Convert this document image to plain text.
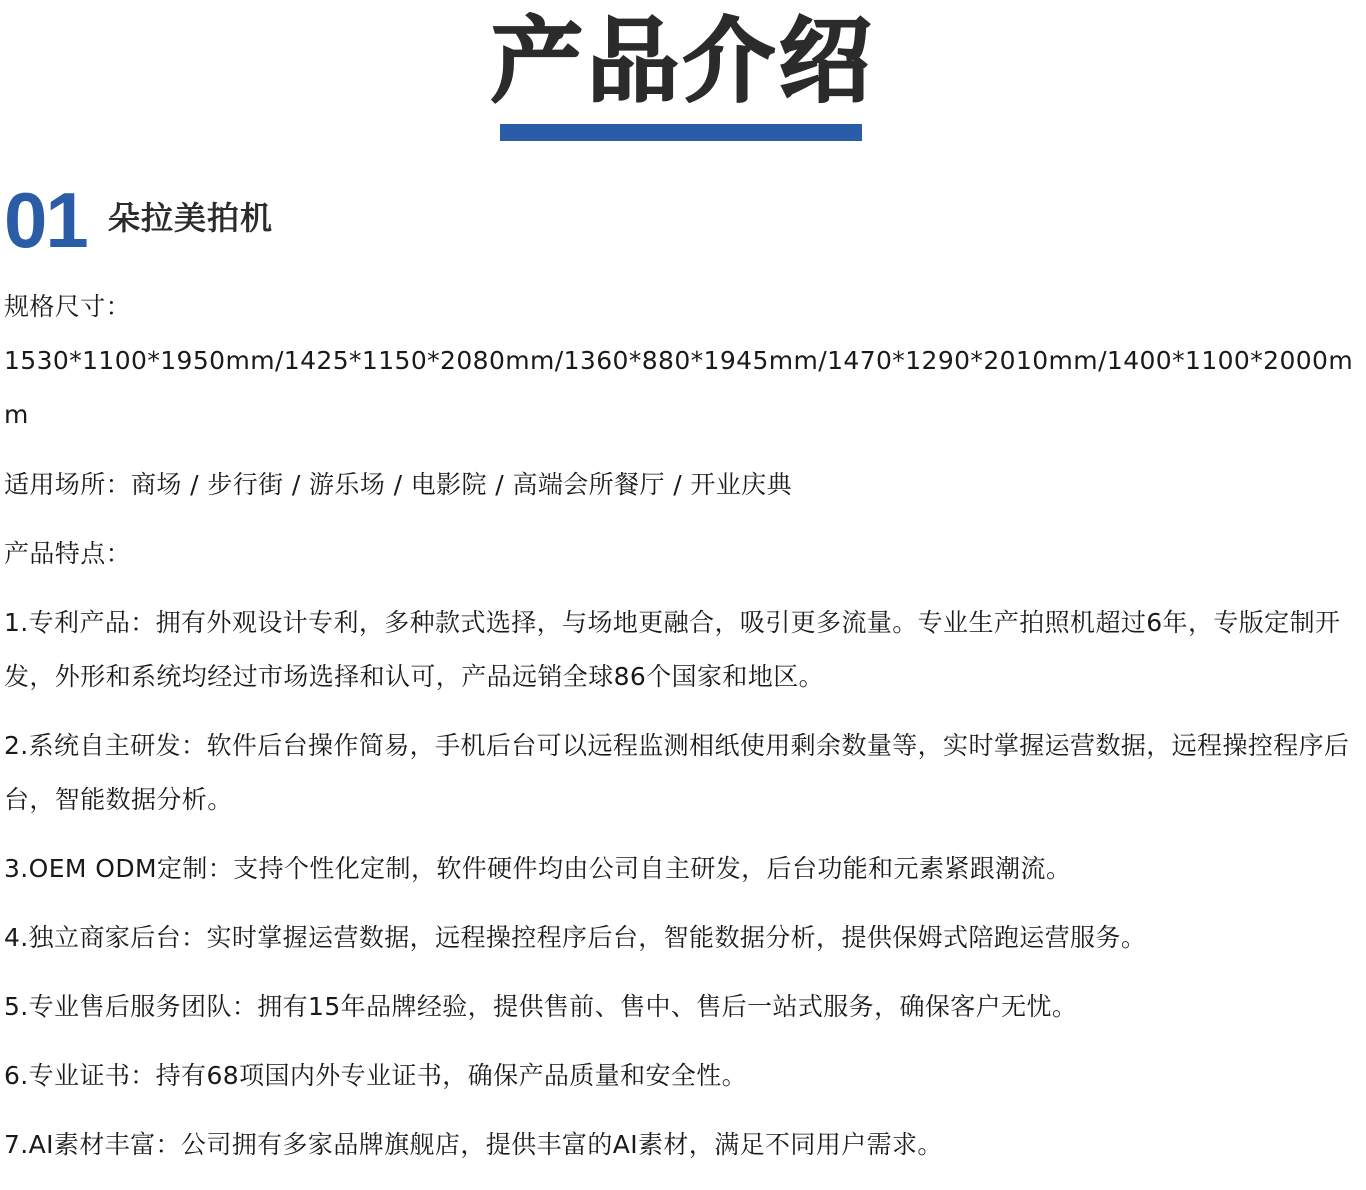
产品介绍
01 朵拉美拍机

规格尺寸：

1530*1100*1950mm/1425*1150*2080mm/1360*880*1945mm/1470*1290*2010mm/1400*1100*2000mm

适用场所：商场 / 步行街 / 游乐场 / 电影院 / 高端会所餐厅 / 开业庆典

产品特点：

1.专利产品：拥有外观设计专利，多种款式选择，与场地更融合，吸引更多流量。专业生产拍照机超过6年，专版定制开发，外形和系统均经过市场选择和认可，产品远销全球86个国家和地区。

2.系统自主研发：软件后台操作简易，手机后台可以远程监测相纸使用剩余数量等，实时掌握运营数据，远程操控程序后台，智能数据分析。

3.OEM ODM定制：支持个性化定制，软件硬件均由公司自主研发，后台功能和元素紧跟潮流。

4.独立商家后台：实时掌握运营数据，远程操控程序后台，智能数据分析，提供保姆式陪跑运营服务。

5.专业售后服务团队：拥有15年品牌经验，提供售前、售中、售后一站式服务，确保客户无忧。

6.专业证书：持有68项国内外专业证书，确保产品质量和安全性。

7.AI素材丰富：公司拥有多家品牌旗舰店，提供丰富的AI素材，满足不同用户需求。
